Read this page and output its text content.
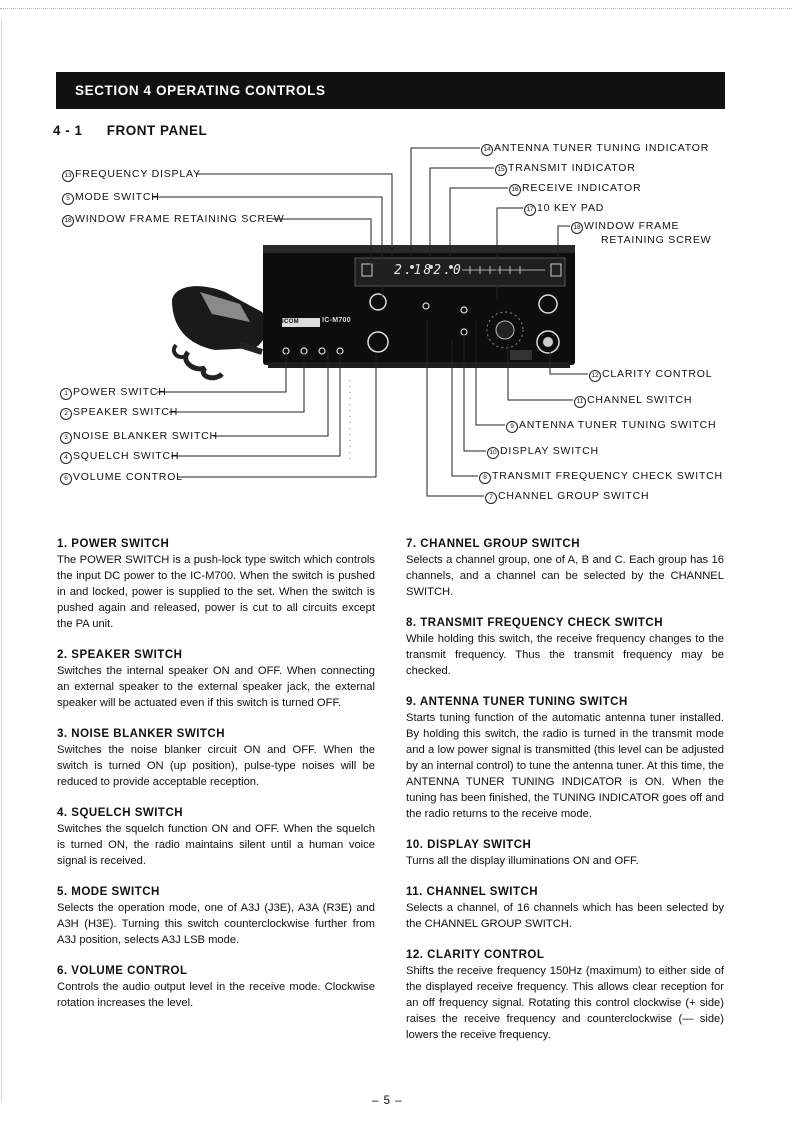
SECTION 4 OPERATING CONTROLS
4 - 1 FRONT PANEL
ICOM	IC-M700
2.182.0
14 ANTENNA TUNER TUNING INDICATOR
15 TRANSMIT INDICATOR
16 RECEIVE INDICATOR
17 10 KEY PAD
18 WINDOW FRAME
RETAINING SCREW
13 FREQUENCY DISPLAY
5 MODE SWITCH
18 WINDOW FRAME RETAINING SCREW
1 POWER SWITCH
2 SPEAKER SWITCH
3 NOISE BLANKER SWITCH
4 SQUELCH SWITCH
6 VOLUME CONTROL
12 CLARITY CONTROL
11 CHANNEL SWITCH
9 ANTENNA TUNER TUNING SWITCH
10 DISPLAY SWITCH
8 TRANSMIT FREQUENCY CHECK SWITCH
7 CHANNEL GROUP SWITCH
1. POWER SWITCH

The POWER SWITCH is a push-lock type switch which controls the input DC power to the IC-M700. When the switch is pushed in and locked, power is supplied to the set. When the switch is pushed again and released, power is cut to all circuits except the PA unit.

2. SPEAKER SWITCH

Switches the internal speaker ON and OFF. When connecting an external speaker to the external speaker jack, the external speaker will be actuated even if this switch is turned OFF.

3. NOISE BLANKER SWITCH

Switches the noise blanker circuit ON and OFF. When the switch is turned ON (up position), pulse-type noises will be reduced to provide acceptable reception.

4. SQUELCH SWITCH

Switches the squelch function ON and OFF. When the squelch is turned ON, the radio maintains silent until a human voice signal is received.

5. MODE SWITCH

Selects the operation mode, one of A3J (J3E), A3A (R3E) and A3H (H3E). Turning this switch counterclockwise further from A3J position, selects A3J LSB mode.

6. VOLUME CONTROL

Controls the audio output level in the receive mode. Clockwise rotation increases the level.

7. CHANNEL GROUP SWITCH

Selects a channel group, one of A, B and C. Each group has 16 channels, and a channel can be selected by the CHANNEL SWITCH.

8. TRANSMIT FREQUENCY CHECK SWITCH

While holding this switch, the receive frequency changes to the transmit frequency. Thus the transmit frequency may be checked.

9. ANTENNA TUNER TUNING SWITCH

Starts tuning function of the automatic antenna tuner installed. By holding this switch, the radio is turned in the transmit mode and a low power signal is transmitted (this level can be adjusted by an internal control) to tune the antenna tuner. At this time, the ANTENNA TUNER TUNING INDICATOR is ON. When the tuning has been finished, the TUNING INDICATOR goes off and the radio returns to the receive mode.

10. DISPLAY SWITCH

Turns all the display illuminations ON and OFF.

11. CHANNEL SWITCH

Selects a channel, of 16 channels which has been selected by the CHANNEL GROUP SWITCH.

12. CLARITY CONTROL

Shifts the receive frequency 150Hz (maximum) to either side of the displayed receive frequency. This allows clear reception for an off frequency signal. Rotating this control clockwise (+ side) raises the receive frequency and counterclockwise (— side) lowers the receive frequency.

– 5 –
